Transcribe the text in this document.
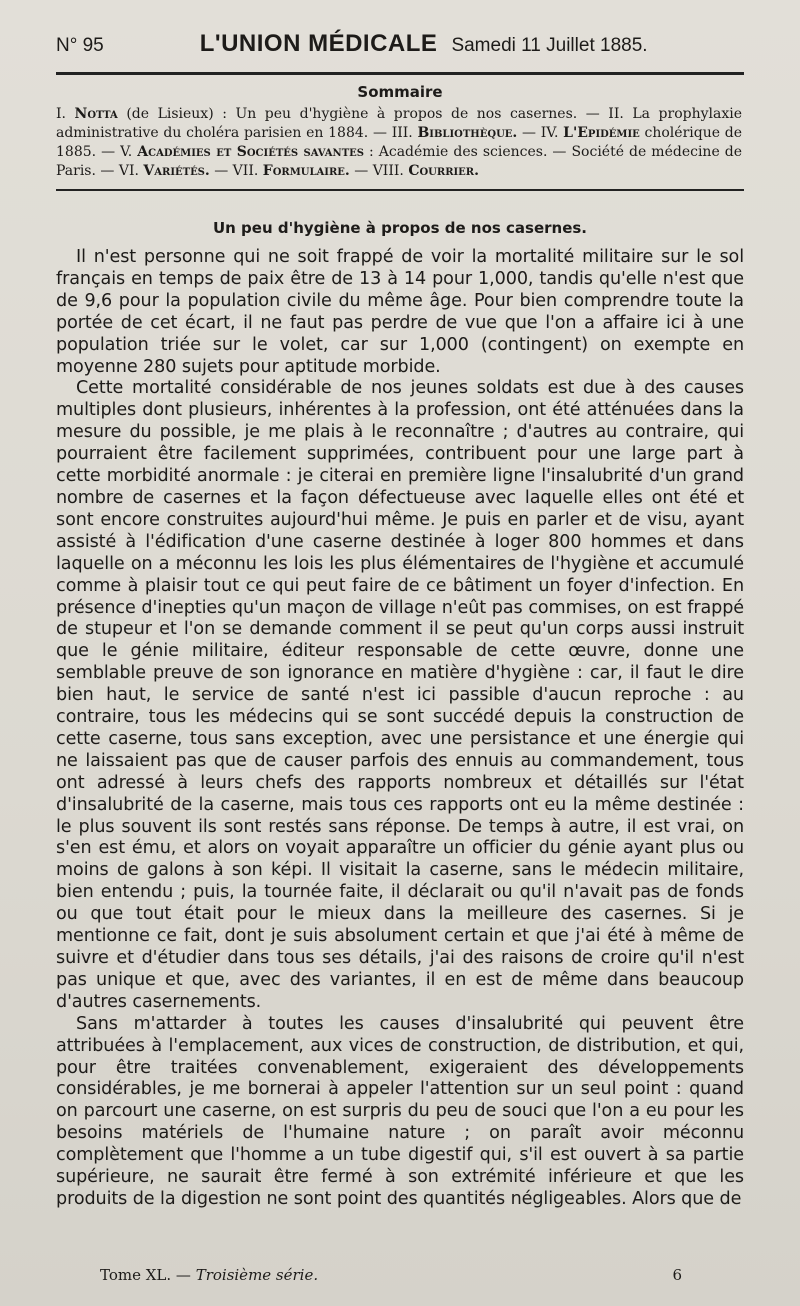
N° 95	L'UNION MÉDICALE Samedi 11 Juillet 1885.
Sommaire
I. Notta (de Lisieux) : Un peu d'hygiène à propos de nos casernes. — II. La prophylaxie administrative du choléra parisien en 1884. — III. Bibliothèque. — IV. L'Epidémie cholérique de 1885. — V. Académies et Sociétés savantes : Académie des sciences. — Société de médecine de Paris. — VI. Variétés. — VII. Formulaire. — VIII. Courrier.
Un peu d'hygiène à propos de nos casernes.

Il n'est personne qui ne soit frappé de voir la mortalité militaire sur le sol français en temps de paix être de 13 à 14 pour 1,000, tandis qu'elle n'est que de 9,6 pour la population civile du même âge. Pour bien comprendre toute la portée de cet écart, il ne faut pas perdre de vue que l'on a affaire ici à une population triée sur le volet, car sur 1,000 (contingent) on exempte en moyenne 280 sujets pour aptitude morbide.

Cette mortalité considérable de nos jeunes soldats est due à des causes multiples dont plusieurs, inhérentes à la profession, ont été atténuées dans la mesure du possible, je me plais à le reconnaître ; d'autres au contraire, qui pourraient être facilement supprimées, contribuent pour une large part à cette morbidité anormale : je citerai en première ligne l'insalubrité d'un grand nombre de casernes et la façon défectueuse avec laquelle elles ont été et sont encore construites aujourd'hui même. Je puis en parler et de visu, ayant assisté à l'édification d'une caserne destinée à loger 800 hommes et dans laquelle on a méconnu les lois les plus élémentaires de l'hygiène et accumulé comme à plaisir tout ce qui peut faire de ce bâtiment un foyer d'infection. En présence d'inepties qu'un maçon de village n'eût pas commises, on est frappé de stupeur et l'on se demande comment il se peut qu'un corps aussi instruit que le génie militaire, éditeur responsable de cette œuvre, donne une semblable preuve de son ignorance en matière d'hygiène : car, il faut le dire bien haut, le service de santé n'est ici passible d'aucun reproche : au contraire, tous les médecins qui se sont succédé depuis la construction de cette caserne, tous sans exception, avec une persistance et une énergie qui ne laissaient pas que de causer parfois des ennuis au commandement, tous ont adressé à leurs chefs des rapports nombreux et détaillés sur l'état d'insalubrité de la caserne, mais tous ces rapports ont eu la même destinée : le plus souvent ils sont restés sans réponse. De temps à autre, il est vrai, on s'en est ému, et alors on voyait apparaître un officier du génie ayant plus ou moins de galons à son képi. Il visitait la caserne, sans le médecin militaire, bien entendu ; puis, la tournée faite, il déclarait ou qu'il n'avait pas de fonds ou que tout était pour le mieux dans la meilleure des casernes. Si je mentionne ce fait, dont je suis absolument certain et que j'ai été à même de suivre et d'étudier dans tous ses détails, j'ai des raisons de croire qu'il n'est pas unique et que, avec des variantes, il en est de même dans beaucoup d'autres casernements.

Sans m'attarder à toutes les causes d'insalubrité qui peuvent être attribuées à l'emplacement, aux vices de construction, de distribution, et qui, pour être traitées convenablement, exigeraient des développements considérables, je me bornerai à appeler l'attention sur un seul point : quand on parcourt une caserne, on est surpris du peu de souci que l'on a eu pour les besoins matériels de l'humaine nature ; on paraît avoir méconnu complètement que l'homme a un tube digestif qui, s'il est ouvert à sa partie supérieure, ne saurait être fermé à son extrémité inférieure et que les produits de la digestion ne sont point des quantités négligeables. Alors que de

Tome XL. — Troisième série.	6
